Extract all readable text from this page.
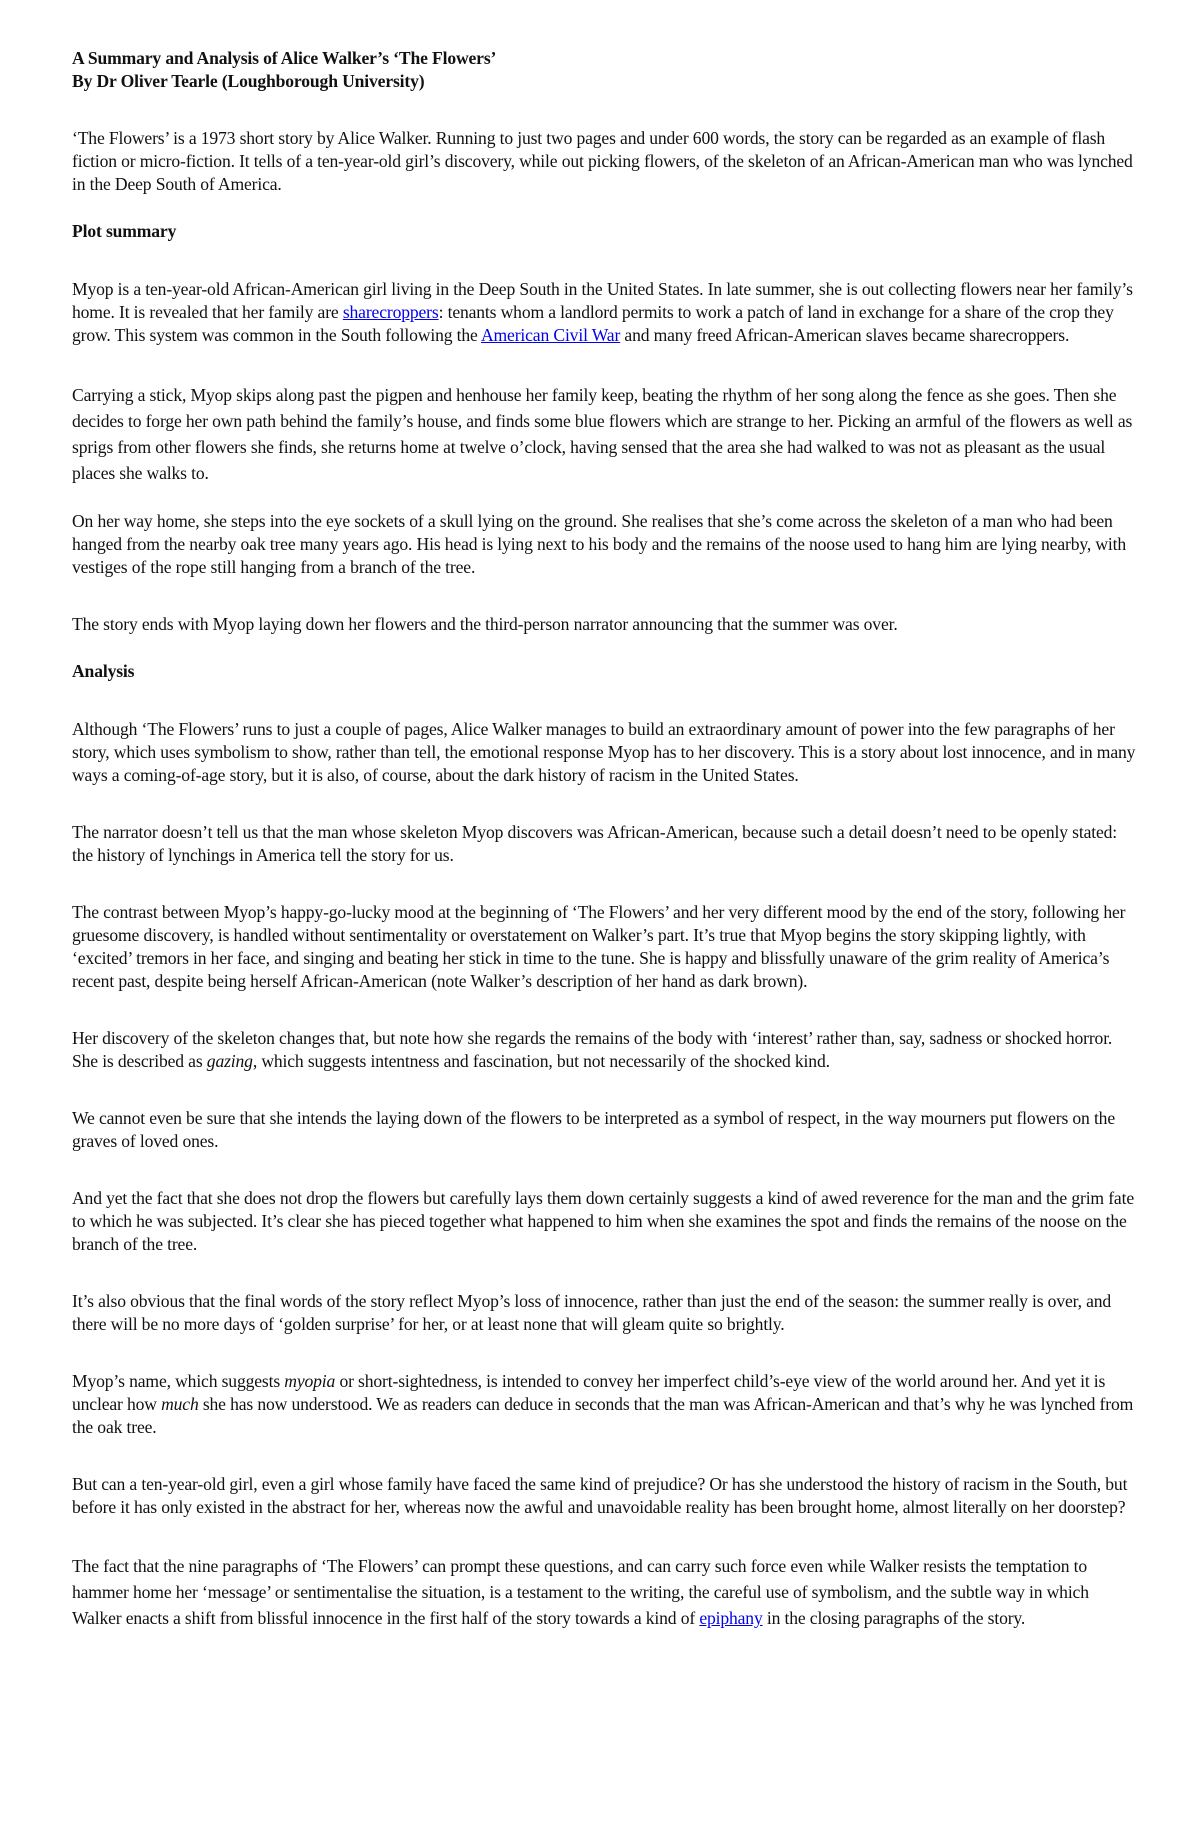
A Summary and Analysis of Alice Walker’s ‘The Flowers’
By Dr Oliver Tearle (Loughborough University)

‘The Flowers’ is a 1973 short story by Alice Walker. Running to just two pages and under 600 words, the story can be regarded as an example of flash fiction or micro-fiction. It tells of a ten-year-old girl’s discovery, while out picking flowers, of the skeleton of an African-American man who was lynched in the Deep South of America.

Plot summary

Myop is a ten-year-old African-American girl living in the Deep South in the United States. In late summer, she is out collecting flowers near her family’s home. It is revealed that her family are sharecroppers: tenants whom a landlord permits to work a patch of land in exchange for a share of the crop they grow. This system was common in the South following the American Civil War and many freed African-American slaves became sharecroppers.

Carrying a stick, Myop skips along past the pigpen and henhouse her family keep, beating the rhythm of her song along the fence as she goes. Then she decides to forge her own path behind the family’s house, and finds some blue flowers which are strange to her. Picking an armful of the flowers as well as sprigs from other flowers she finds, she returns home at twelve o’clock, having sensed that the area she had walked to was not as pleasant as the usual places she walks to.

On her way home, she steps into the eye sockets of a skull lying on the ground. She realises that she’s come across the skeleton of a man who had been hanged from the nearby oak tree many years ago. His head is lying next to his body and the remains of the noose used to hang him are lying nearby, with vestiges of the rope still hanging from a branch of the tree.

The story ends with Myop laying down her flowers and the third-person narrator announcing that the summer was over.

Analysis

Although ‘The Flowers’ runs to just a couple of pages, Alice Walker manages to build an extraordinary amount of power into the few paragraphs of her story, which uses symbolism to show, rather than tell, the emotional response Myop has to her discovery. This is a story about lost innocence, and in many ways a coming-of-age story, but it is also, of course, about the dark history of racism in the United States.

The narrator doesn’t tell us that the man whose skeleton Myop discovers was African-American, because such a detail doesn’t need to be openly stated: the history of lynchings in America tell the story for us.

The contrast between Myop’s happy-go-lucky mood at the beginning of ‘The Flowers’ and her very different mood by the end of the story, following her gruesome discovery, is handled without sentimentality or overstatement on Walker’s part. It’s true that Myop begins the story skipping lightly, with ‘excited’ tremors in her face, and singing and beating her stick in time to the tune. She is happy and blissfully unaware of the grim reality of America’s recent past, despite being herself African-American (note Walker’s description of her hand as dark brown).

Her discovery of the skeleton changes that, but note how she regards the remains of the body with ‘interest’ rather than, say, sadness or shocked horror. She is described as gazing, which suggests intentness and fascination, but not necessarily of the shocked kind.

We cannot even be sure that she intends the laying down of the flowers to be interpreted as a symbol of respect, in the way mourners put flowers on the graves of loved ones.

And yet the fact that she does not drop the flowers but carefully lays them down certainly suggests a kind of awed reverence for the man and the grim fate to which he was subjected. It’s clear she has pieced together what happened to him when she examines the spot and finds the remains of the noose on the branch of the tree.

It’s also obvious that the final words of the story reflect Myop’s loss of innocence, rather than just the end of the season: the summer really is over, and there will be no more days of ‘golden surprise’ for her, or at least none that will gleam quite so brightly.

Myop’s name, which suggests myopia or short-sightedness, is intended to convey her imperfect child’s-eye view of the world around her. And yet it is unclear how much she has now understood. We as readers can deduce in seconds that the man was African-American and that’s why he was lynched from the oak tree.

But can a ten-year-old girl, even a girl whose family have faced the same kind of prejudice? Or has she understood the history of racism in the South, but before it has only existed in the abstract for her, whereas now the awful and unavoidable reality has been brought home, almost literally on her doorstep?

The fact that the nine paragraphs of ‘The Flowers’ can prompt these questions, and can carry such force even while Walker resists the temptation to hammer home her ‘message’ or sentimentalise the situation, is a testament to the writing, the careful use of symbolism, and the subtle way in which Walker enacts a shift from blissful innocence in the first half of the story towards a kind of epiphany in the closing paragraphs of the story.
